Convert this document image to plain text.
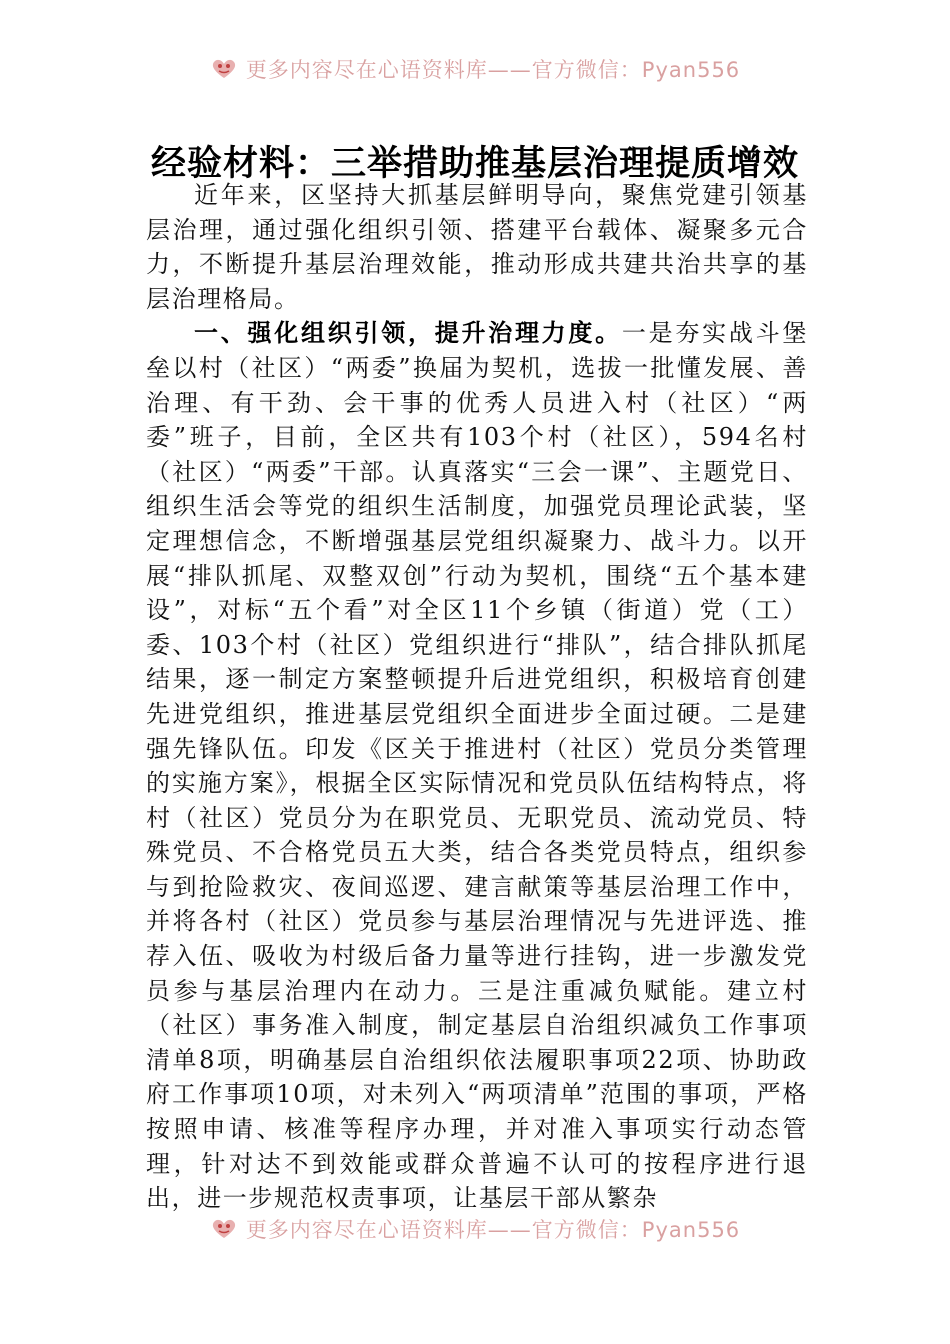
更多内容尽在心语资料库——官方微信：Pyan556
经验材料：三举措助推基层治理提质增效

近年来，区坚持大抓基层鲜明导向，聚焦党建引领基层治理，通过强化组织引领、搭建平台载体、凝聚多元合力，不断提升基层治理效能，推动形成共建共治共享的基层治理格局。

一、强化组织引领，提升治理力度。一是夯实战斗堡垒以村（社区）“两委”换届为契机，选拔一批懂发展、善治理、有干劲、会干事的优秀人员进入村（社区）“两委”班子，目前，全区共有103个村（社区），594名村（社区）“两委”干部。认真落实“三会一课”、主题党日、组织生活会等党的组织生活制度，加强党员理论武装，坚定理想信念，不断增强基层党组织凝聚力、战斗力。以开展“排队抓尾、双整双创”行动为契机，围绕“五个基本建设”，对标“五个看”对全区11个乡镇（街道）党（工）委、103个村（社区）党组织进行“排队”，结合排队抓尾结果，逐一制定方案整顿提升后进党组织，积极培育创建先进党组织，推进基层党组织全面进步全面过硬。二是建强先锋队伍。印发《区关于推进村（社区）党员分类管理的实施方案》，根据全区实际情况和党员队伍结构特点，将村（社区）党员分为在职党员、无职党员、流动党员、特殊党员、不合格党员五大类，结合各类党员特点，组织参与到抢险救灾、夜间巡逻、建言献策等基层治理工作中，并将各村（社区）党员参与基层治理情况与先进评选、推荐入伍、吸收为村级后备力量等进行挂钩，进一步激发党员参与基层治理内在动力。三是注重减负赋能。建立村（社区）事务准入制度，制定基层自治组织减负工作事项清单8项，明确基层自治组织依法履职事项22项、协助政府工作事项10项，对未列入“两项清单”范围的事项，严格按照申请、核准等程序办理，并对准入事项实行动态管理，针对达不到效能或群众普遍不认可的按程序进行退出，进一步规范权责事项，让基层干部从繁杂

更多内容尽在心语资料库——官方微信：Pyan556
